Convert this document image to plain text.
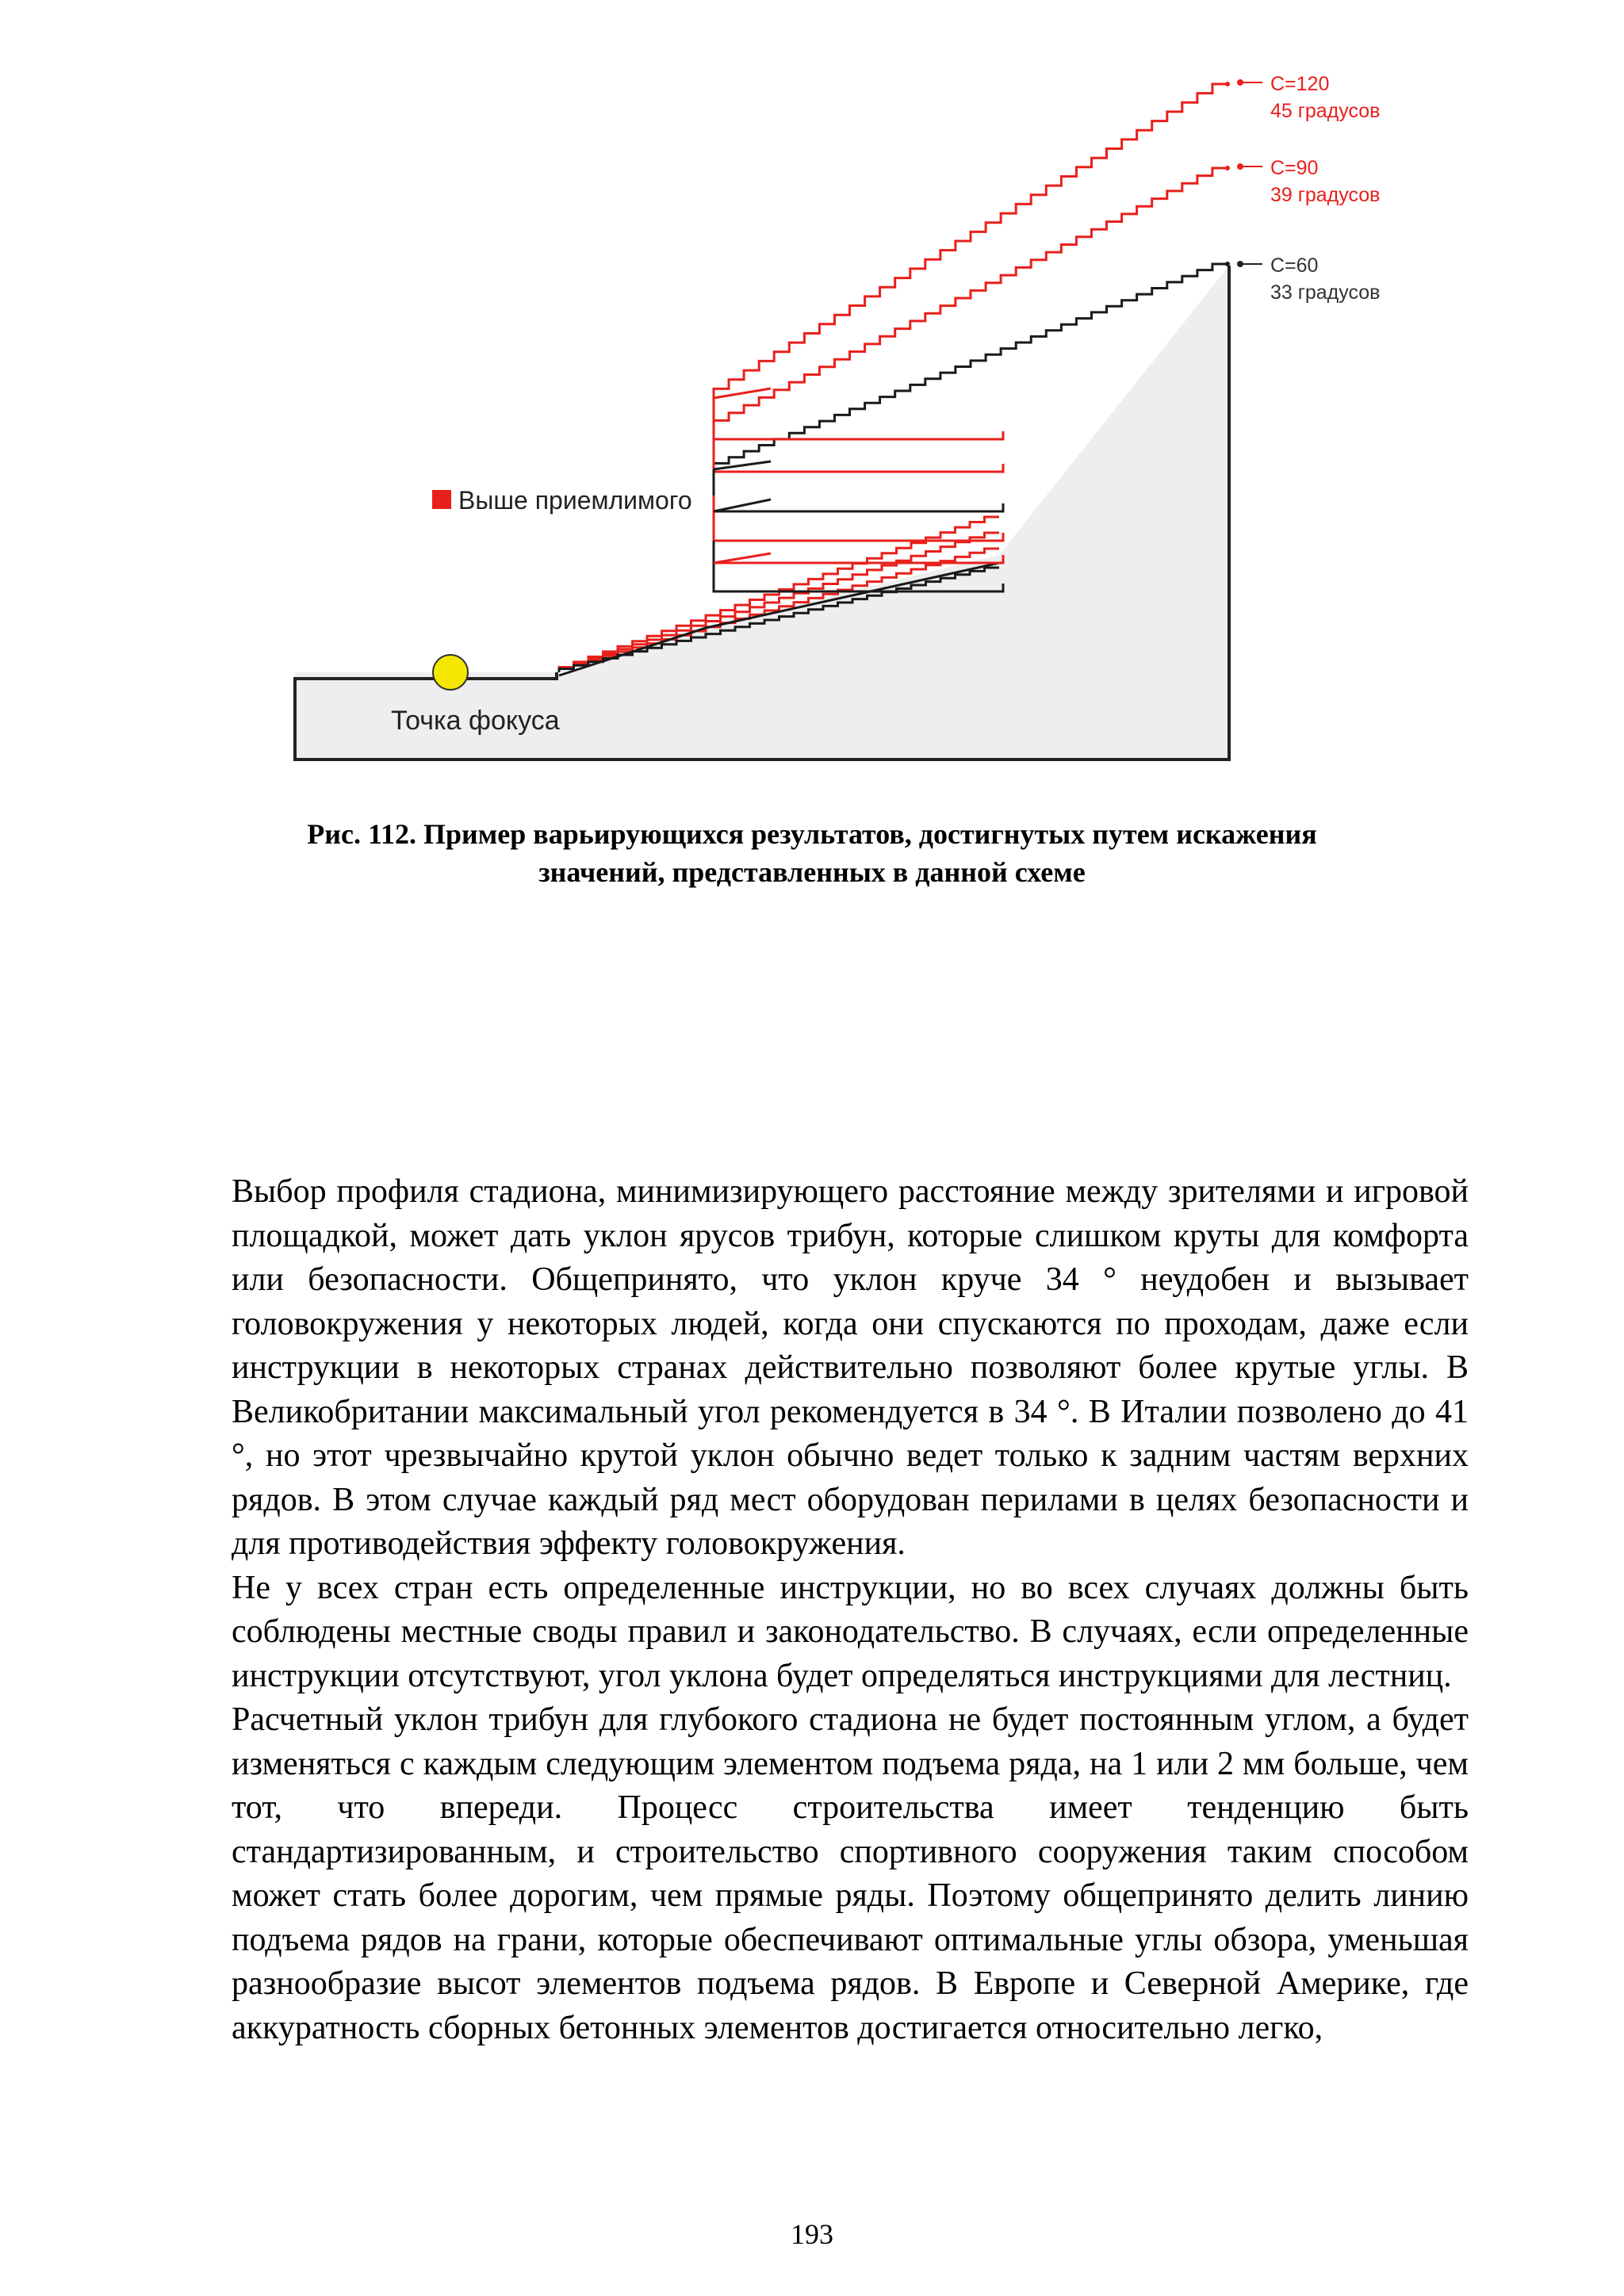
Точка фокуса
Выше приемлимого
C=120
45 градусов
C=90
39 градусов
C=60
33 градусов
Рис. 112. Пример варьирующихся результатов, достигнутых путем искажения
значений, представленных в данной схеме

Выбор профиля стадиона, минимизирующего расстояние между зрителями и игровой площадкой, может дать уклон ярусов трибун, которые слишком круты для комфорта или безопасности. Общепринято, что уклон круче 34 ° неудобен и вызывает головокружения у некоторых людей, когда они спускаются по проходам, даже если инструкции в некоторых странах действительно позволяют более крутые углы. В Великобритании максимальный угол рекомендуется в 34 °. В Италии позволено до 41 °, но этот чрезвычайно крутой уклон обычно ведет только к задним частям верхних рядов. В этом случае каждый ряд мест оборудован перилами в целях безопасности и для противодействия эффекту головокружения.

Не у всех стран есть определенные инструкции, но во всех случаях должны быть соблюдены местные своды правил и законодательство. В случаях, если определенные инструкции отсутствуют, угол уклона будет определяться инструкциями для лестниц.

Расчетный уклон трибун для глубокого стадиона не будет постоянным углом, а будет изменяться с каждым следующим элементом подъема ряда, на 1 или 2 мм больше, чем тот, что впереди. Процесс строительства имеет тенденцию быть стандартизированным, и строительство спортивного сооружения таким способом может стать более дорогим, чем прямые ряды. Поэтому общепринято делить линию подъема рядов на грани, которые обеспечивают оптимальные углы обзора, уменьшая разнообразие высот элементов подъема рядов. В Европе и Северной Америке, где аккуратность сборных бетонных элементов достигается относительно легко,

193
